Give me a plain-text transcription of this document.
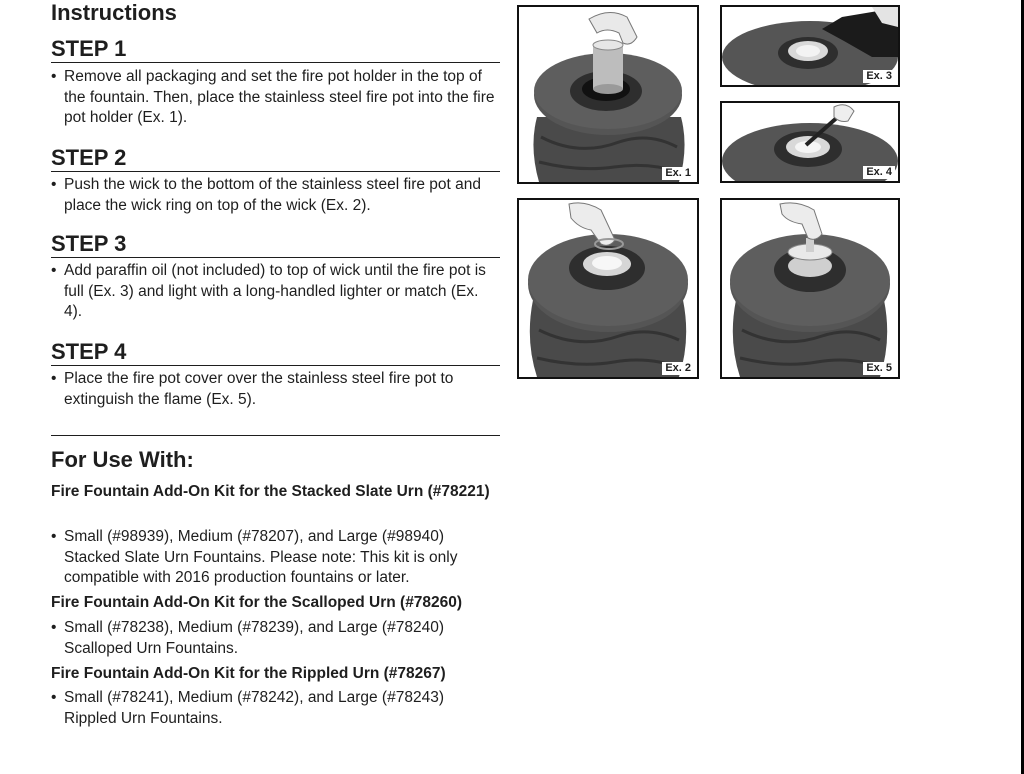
Instructions
STEP 1
• Remove all packaging and set the fire pot holder in the top of the fountain. Then, place the stainless steel fire pot into the fire pot holder (Ex. 1).
STEP 2
• Push the wick to the bottom of the stainless steel fire pot and place the wick ring on top of the wick (Ex. 2).
STEP 3
• Add paraffin oil (not included) to top of wick until the fire pot is full (Ex. 3) and light with a long-handled lighter or match (Ex. 4).
STEP 4
• Place the fire pot cover over the stainless steel fire pot to extinguish the flame (Ex. 5).
For Use With:
Fire Fountain Add-On Kit for the Stacked Slate Urn (#78221)
• Small (#98939), Medium (#78207), and Large (#98940) Stacked Slate Urn Fountains. Please note: This kit is only compatible with 2016 production fountains or later.
Fire Fountain Add-On Kit for the Scalloped Urn (#78260)
• Small (#78238), Medium (#78239), and Large (#78240) Scalloped Urn Fountains.
Fire Fountain Add-On Kit for the Rippled Urn (#78267)
• Small (#78241), Medium (#78242), and Large (#78243) Rippled Urn Fountains.
Ex. 1
Ex. 3
Ex. 4
Ex. 2	Ex. 5
